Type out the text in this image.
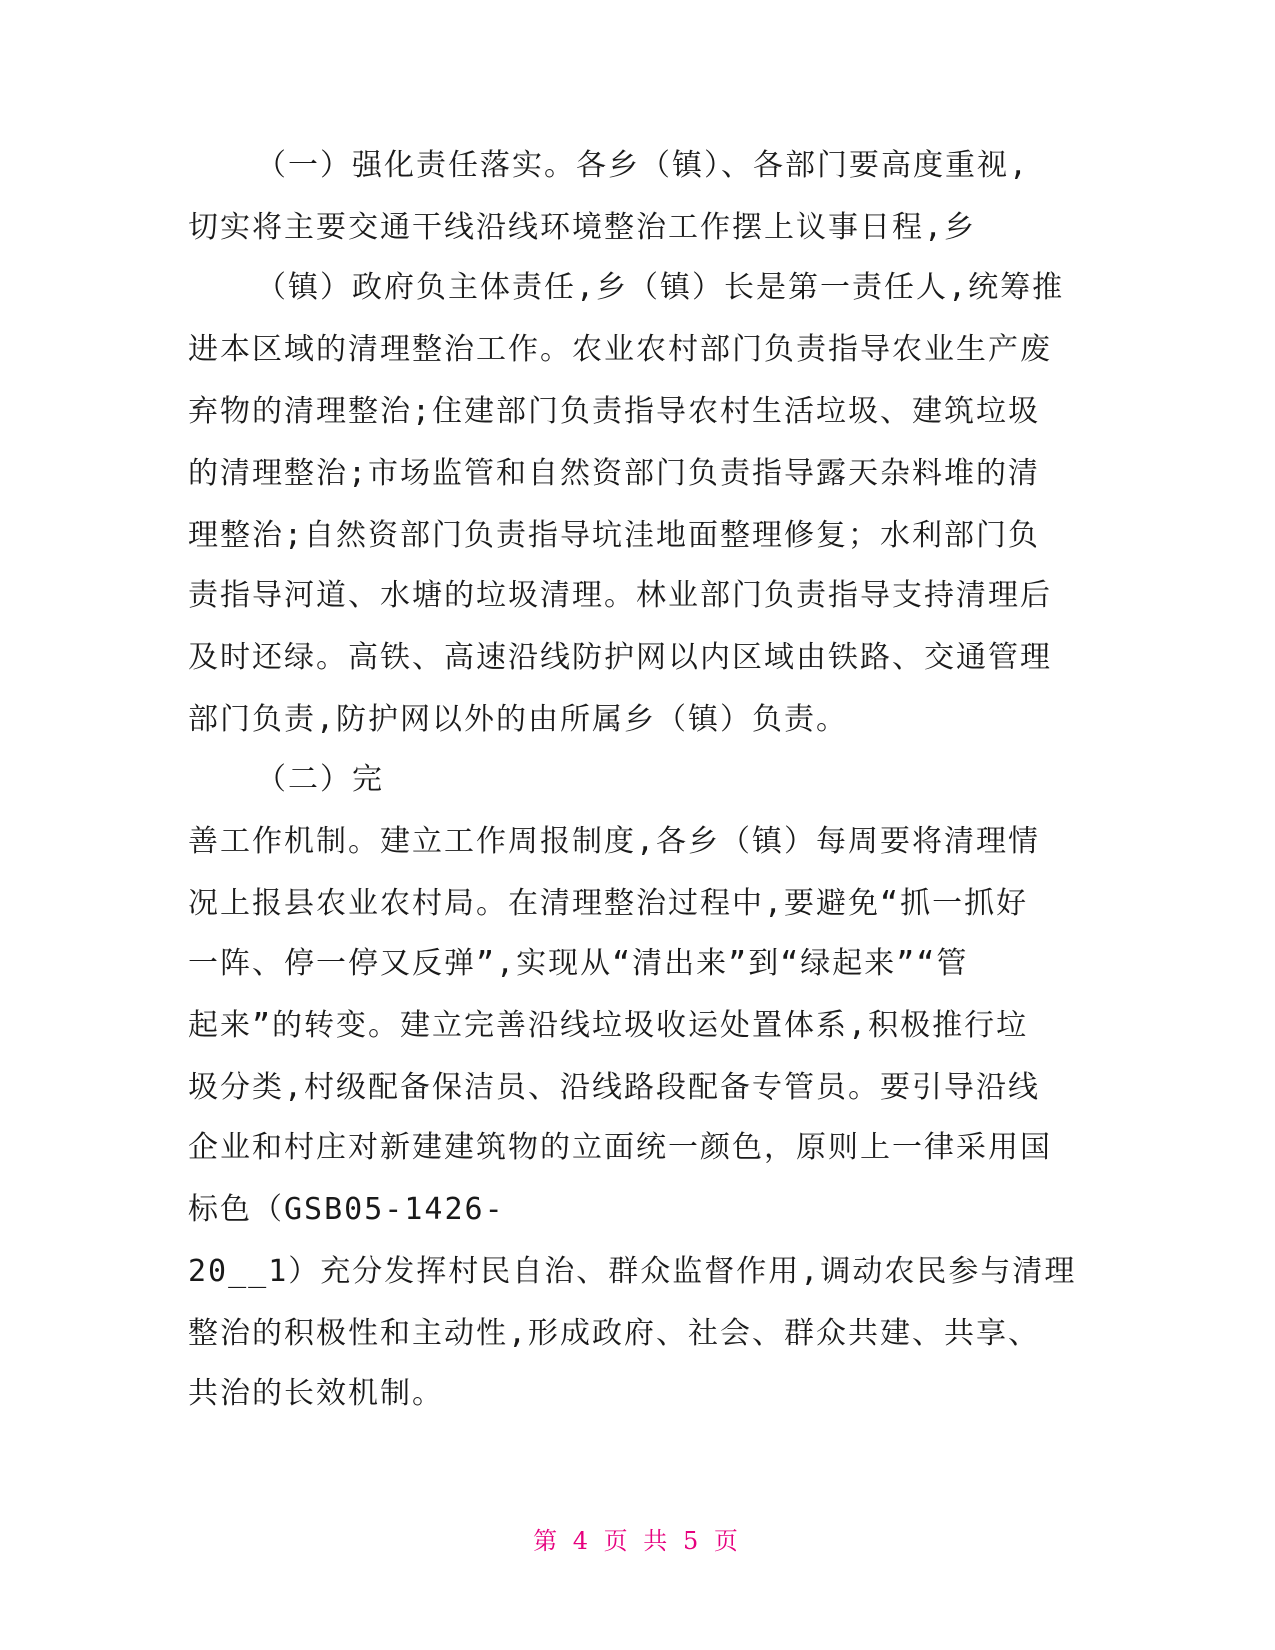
（一）强化责任落实。各乡（镇）、各部门要高度重视,
切实将主要交通干线沿线环境整治工作摆上议事日程,乡
（镇）政府负主体责任,乡（镇）长是第一责任人,统筹推
进本区域的清理整治工作。农业农村部门负责指导农业生产废
弃物的清理整治;住建部门负责指导农村生活垃圾、建筑垃圾
的清理整治;市场监管和自然资部门负责指导露天杂料堆的清
理整治;自然资部门负责指导坑洼地面整理修复；水利部门负
责指导河道、水塘的垃圾清理。林业部门负责指导支持清理后
及时还绿。高铁、高速沿线防护网以内区域由铁路、交通管理
部门负责,防护网以外的由所属乡（镇）负责。
（二）完
善工作机制。建立工作周报制度,各乡（镇）每周要将清理情
况上报县农业农村局。在清理整治过程中,要避免“抓一抓好
一阵、停一停又反弹”,实现从“清出来”到“绿起来”“管
起来”的转变。建立完善沿线垃圾收运处置体系,积极推行垃
圾分类,村级配备保洁员、沿线路段配备专管员。要引导沿线
企业和村庄对新建建筑物的立面统一颜色，原则上一律采用国
标色（GSB05-1426-
20__1）充分发挥村民自治、群众监督作用,调动农民参与清理
整治的积极性和主动性,形成政府、社会、群众共建、共享、
共治的长效机制。
第 4 页 共 5 页
